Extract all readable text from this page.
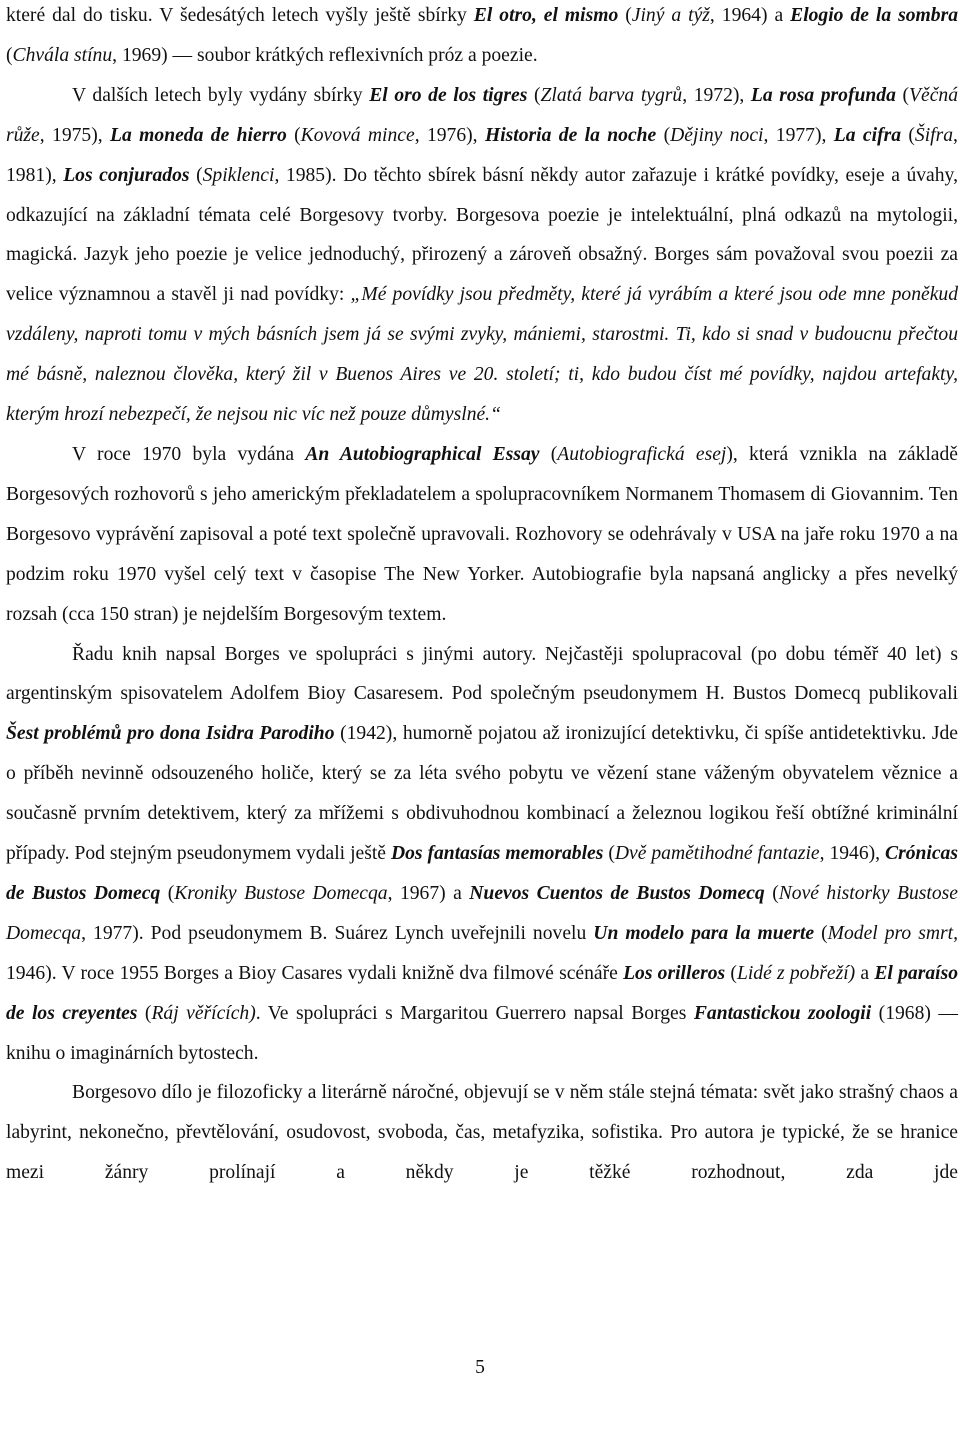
které dal do tisku. V šedesátých letech vyšly ještě sbírky El otro, el mismo (Jiný a týž, 1964) a Elogio de la sombra (Chvála stínu, 1969) — soubor krátkých reflexivních próz a poezie.

V dalších letech byly vydány sbírky El oro de los tigres (Zlatá barva tygrů, 1972), La rosa profunda (Věčná růže, 1975), La moneda de hierro (Kovová mince, 1976), Historia de la noche (Dějiny noci, 1977), La cifra (Šifra, 1981), Los conjurados (Spiklenci, 1985). Do těchto sbírek básní někdy autor zařazuje i krátké povídky, eseje a úvahy, odkazující na základní témata celé Borgesovy tvorby. Borgesova poezie je intelektuální, plná odkazů na mytologii, magická. Jazyk jeho poezie je velice jednoduchý, přirozený a zároveň obsažný. Borges sám považoval svou poezii za velice významnou a stavěl ji nad povídky: „Mé povídky jsou předměty, které já vyrábím a které jsou ode mne poněkud vzdáleny, naproti tomu v mých básních jsem já se svými zvyky, mániemi, starostmi. Ti, kdo si snad v budoucnu přečtou mé básně, naleznou člověka, který žil v Buenos Aires ve 20. století; ti, kdo budou číst mé povídky, najdou artefakty, kterým hrozí nebezpečí, že nejsou nic víc než pouze důmyslné.“

V roce 1970 byla vydána An Autobiographical Essay (Autobiografická esej), která vznikla na základě Borgesových rozhovorů s jeho americkým překladatelem a spolupracovníkem Normanem Thomasem di Giovannim. Ten Borgesovo vyprávění zapisoval a poté text společně upravovali. Rozhovory se odehrávaly v USA na jaře roku 1970 a na podzim roku 1970 vyšel celý text v časopise The New Yorker. Autobiografie byla napsaná anglicky a přes nevelký rozsah (cca 150 stran) je nejdelším Borgesovým textem.

Řadu knih napsal Borges ve spolupráci s jinými autory. Nejčastěji spolupracoval (po dobu téměř 40 let) s argentinským spisovatelem Adolfem Bioy Casaresem. Pod společným pseudonymem H. Bustos Domecq publikovali Šest problémů pro dona Isidra Parodiho (1942), humorně pojatou až ironizující detektivku, či spíše antidetektivku. Jde o příběh nevinně odsouzeného holiče, který se za léta svého pobytu ve vězení stane váženým obyvatelem věznice a současně prvním detektivem, který za mřížemi s obdivuhodnou kombinací a železnou logikou řeší obtížné kriminální případy. Pod stejným pseudonymem vydali ještě Dos fantasías memorables (Dvě pamětihodné fantazie, 1946), Crónicas de Bustos Domecq (Kroniky Bustose Domecqa, 1967) a Nuevos Cuentos de Bustos Domecq (Nové historky Bustose Domecqa, 1977). Pod pseudonymem B. Suárez Lynch uveřejnili novelu Un modelo para la muerte (Model pro smrt, 1946). V roce 1955 Borges a Bioy Casares vydali knižně dva filmové scénáře Los orilleros (Lidé z pobřeží) a El paraíso de los creyentes (Ráj věřících). Ve spolupráci s Margaritou Guerrero napsal Borges Fantastickou zoologii (1968) — knihu o imaginárních bytostech.

Borgesovo dílo je filozoficky a literárně náročné, objevují se v něm stále stejná témata: svět jako strašný chaos a labyrint, nekonečno, převtělování, osudovost, svoboda, čas, metafyzika, sofistika. Pro autora je typické, že se hranice mezi žánry prolínají a někdy je těžké rozhodnout, zda jde

5
